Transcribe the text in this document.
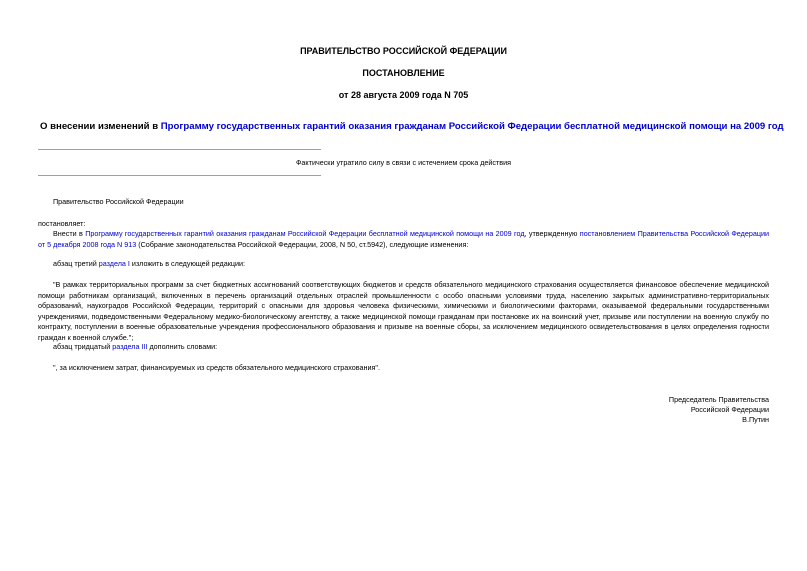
ПРАВИТЕЛЬСТВО РОССИЙСКОЙ ФЕДЕРАЦИИ
ПОСТАНОВЛЕНИЕ
от 28 августа 2009 года N 705

О внесении изменений в Программу государственных гарантий оказания гражданам Российской Федерации бесплатной медицинской помощи на 2009 год

Фактически утратило силу в связи с истечением срока действия

Правительство Российской Федерации

постановляет:

Внести в Программу государственных гарантий оказания гражданам Российской Федерации бесплатной медицинской помощи на 2009 год, утвержденную постановлением Правительства Российской Федерации от 5 декабря 2008 года N 913 (Собрание законодательства Российской Федерации, 2008, N 50, ст.5942), следующие изменения:

абзац третий раздела I изложить в следующей редакции:

"В рамках территориальных программ за счет бюджетных ассигнований соответствующих бюджетов и средств обязательного медицинского страхования осуществляется финансовое обеспечение медицинской помощи работникам организаций, включенных в перечень организаций отдельных отраслей промышленности с особо опасными условиями труда, населению закрытых административно-территориальных образований, наукоградов Российской Федерации, территорий с опасными для здоровья человека физическими, химическими и биологическими факторами, оказываемой федеральными государственными учреждениями, подведомственными Федеральному медико-биологическому агентству, а также медицинской помощи гражданам при постановке их на воинский учет, призыве или поступлении на военную службу по контракту, поступлении в военные образовательные учреждения профессионального образования и призыве на военные сборы, за исключением медицинского освидетельствования в целях определения годности граждан к военной службе.";

абзац тридцатый раздела III дополнить словами:

", за исключением затрат, финансируемых из средств обязательного медицинского страхования".

Председатель Правительства

Российской Федерации

В.Путин
